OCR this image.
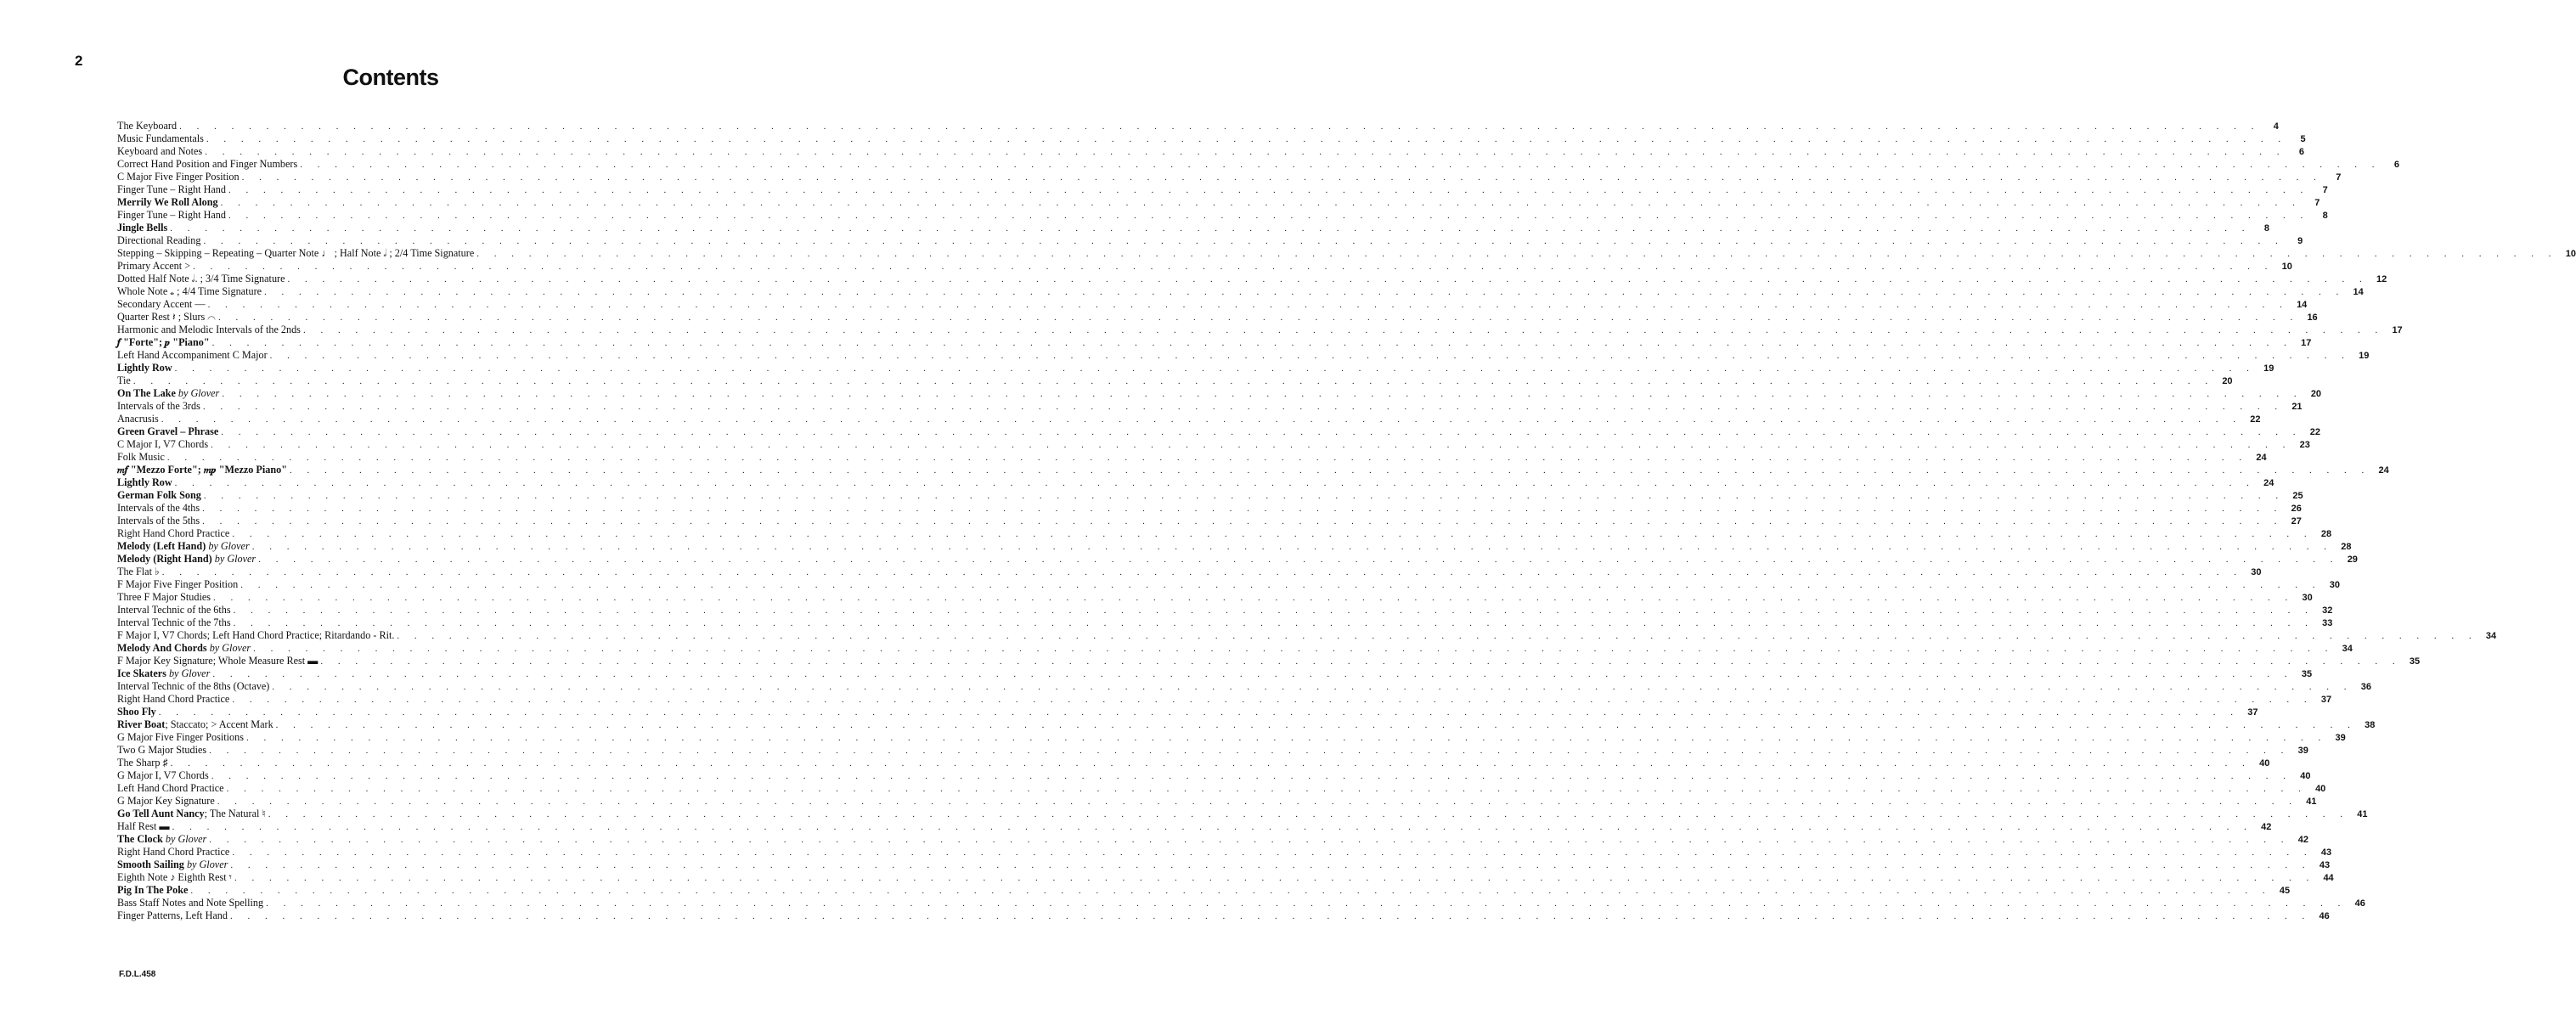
2
Contents
The Keyboard . . . . . . . . . . . . . . . . . . . . . . . . . . . . . . . . . . . . . . . . . . . . . . . . . . . . . . . . . . . . . . . . . . . . . . . . . . . . . . . . . . . . . . . . . . . . . . . . . . . . . . . . . . . . . . . . . . . . . . . .	4
Music Fundamentals . . . . . . . . . . . . . . . . . . . . . . . . . . . . . . . . . . . . . . . . . . . . . . . . . . . . . . . . . . . . . . . . . . . . . . . . . . . . . . . . . . . . . . . . . . . . . . . . . . . . . . . . . . . . . . . . . . . . . . . .	5
Keyboard and Notes . . . . . . . . . . . . . . . . . . . . . . . . . . . . . . . . . . . . . . . . . . . . . . . . . . . . . . . . . . . . . . . . . . . . . . . . . . . . . . . . . . . . . . . . . . . . . . . . . . . . . . . . . . . . . . . . . . . . . . . .	6
Correct Hand Position and Finger Numbers . . . . . . . . . . . . . . . . . . . . . . . . . . . . . . . . . . . . . . . . . . . . . . . . . . . . . . . . . . . . . . . . . . . . . . . . . . . . . . . . . . . . . . . . . . . . . . . . . . . . . . . . . . . . . . . . . . . . . . . .	6
C Major Five Finger Position . . . . . . . . . . . . . . . . . . . . . . . . . . . . . . . . . . . . . . . . . . . . . . . . . . . . . . . . . . . . . . . . . . . . . . . . . . . . . . . . . . . . . . . . . . . . . . . . . . . . . . . . . . . . . . . . . . . . . . . .	7
Finger Tune – Right Hand . . . . . . . . . . . . . . . . . . . . . . . . . . . . . . . . . . . . . . . . . . . . . . . . . . . . . . . . . . . . . . . . . . . . . . . . . . . . . . . . . . . . . . . . . . . . . . . . . . . . . . . . . . . . . . . . . . . . . . . .	7
Merrily We Roll Along . . . . . . . . . . . . . . . . . . . . . . . . . . . . . . . . . . . . . . . . . . . . . . . . . . . . . . . . . . . . . . . . . . . . . . . . . . . . . . . . . . . . . . . . . . . . . . . . . . . . . . . . . . . . . . . . . . . . . . . .	7
Finger Tune – Right Hand . . . . . . . . . . . . . . . . . . . . . . . . . . . . . . . . . . . . . . . . . . . . . . . . . . . . . . . . . . . . . . . . . . . . . . . . . . . . . . . . . . . . . . . . . . . . . . . . . . . . . . . . . . . . . . . . . . . . . . . .	8
Jingle Bells . . . . . . . . . . . . . . . . . . . . . . . . . . . . . . . . . . . . . . . . . . . . . . . . . . . . . . . . . . . . . . . . . . . . . . . . . . . . . . . . . . . . . . . . . . . . . . . . . . . . . . . . . . . . . . . . . . . . . . . .	8
Directional Reading . . . . . . . . . . . . . . . . . . . . . . . . . . . . . . . . . . . . . . . . . . . . . . . . . . . . . . . . . . . . . . . . . . . . . . . . . . . . . . . . . . . . . . . . . . . . . . . . . . . . . . . . . . . . . . . . . . . . . . . .	9
Stepping – Skipping – Repeating – Quarter Note ♩ ; Half Note 𝅗𝅥 ; 2/4 Time Signature . . . . . . . . . . . . . . . . . . . . . . . . . . . . . . . . . . . . . . . . . . . . . . . . . . . . . . . . . . . . . . . . . . . . . . . . . . . . . . . . . . . . . . . . . . . . . . . . . . . . . . . . . . . . . . . . . . . . . . . . 10
Primary Accent > . . . . . . . . . . . . . . . . . . . . . . . . . . . . . . . . . . . . . . . . . . . . . . . . . . . . . . . . . . . . . . . . . . . . . . . . . . . . . . . . . . . . . . . . . . . . . . . . . . . . . . . . . . . . . . . . . . . . . . . . 10
Dotted Half Note 𝅗𝅥. ; 3/4 Time Signature . . . . . . . . . . . . . . . . . . . . . . . . . . . . . . . . . . . . . . . . . . . . . . . . . . . . . . . . . . . . . . . . . . . . . . . . . . . . . . . . . . . . . . . . . . . . . . . . . . . . . . . . . . . . . . . . . . . . . . . . 12
Whole Note 𝅝 ; 4/4 Time Signature . . . . . . . . . . . . . . . . . . . . . . . . . . . . . . . . . . . . . . . . . . . . . . . . . . . . . . . . . . . . . . . . . . . . . . . . . . . . . . . . . . . . . . . . . . . . . . . . . . . . . . . . . . . . . . . . . . . . . . . . 14
Secondary Accent — . . . . . . . . . . . . . . . . . . . . . . . . . . . . . . . . . . . . . . . . . . . . . . . . . . . . . . . . . . . . . . . . . . . . . . . . . . . . . . . . . . . . . . . . . . . . . . . . . . . . . . . . . . . . . . . . . . . . . . . . 14
Quarter Rest 𝄽 ; Slurs ⌒ . . . . . . . . . . . . . . . . . . . . . . . . . . . . . . . . . . . . . . . . . . . . . . . . . . . . . . . . . . . . . . . . . . . . . . . . . . . . . . . . . . . . . . . . . . . . . . . . . . . . . . . . . . . . . . . . . . . . . . . . 16
Harmonic and Melodic Intervals of the 2nds . . . . . . . . . . . . . . . . . . . . . . . . . . . . . . . . . . . . . . . . . . . . . . . . . . . . . . . . . . . . . . . . . . . . . . . . . . . . . . . . . . . . . . . . . . . . . . . . . . . . . . . . . . . . . . . . . . . . . . . . 17
𝆑 "Forte"; 𝆏 "Piano" . . . . . . . . . . . . . . . . . . . . . . . . . . . . . . . . . . . . . . . . . . . . . . . . . . . . . . . . . . . . . . . . . . . . . . . . . . . . . . . . . . . . . . . . . . . . . . . . . . . . . . . . . . . . . . . . . . . . . . . . 17
Left Hand Accompaniment C Major . . . . . . . . . . . . . . . . . . . . . . . . . . . . . . . . . . . . . . . . . . . . . . . . . . . . . . . . . . . . . . . . . . . . . . . . . . . . . . . . . . . . . . . . . . . . . . . . . . . . . . . . . . . . . . . . . . . . . . . . 19
Lightly Row . . . . . . . . . . . . . . . . . . . . . . . . . . . . . . . . . . . . . . . . . . . . . . . . . . . . . . . . . . . . . . . . . . . . . . . . . . . . . . . . . . . . . . . . . . . . . . . . . . . . . . . . . . . . . . . . . . . . . . . . 19
Tie . . . . . . . . . . . . . . . . . . . . . . . . . . . . . . . . . . . . . . . . . . . . . . . . . . . . . . . . . . . . . . . . . . . . . . . . . . . . . . . . . . . . . . . . . . . . . . . . . . . . . . . . . . . . . . . . . . . . . . . . 20
On The Lake by Glover . . . . . . . . . . . . . . . . . . . . . . . . . . . . . . . . . . . . . . . . . . . . . . . . . . . . . . . . . . . . . . . . . . . . . . . . . . . . . . . . . . . . . . . . . . . . . . . . . . . . . . . . . . . . . . . . . . . . . . . . 20
Intervals of the 3rds . . . . . . . . . . . . . . . . . . . . . . . . . . . . . . . . . . . . . . . . . . . . . . . . . . . . . . . . . . . . . . . . . . . . . . . . . . . . . . . . . . . . . . . . . . . . . . . . . . . . . . . . . . . . . . . . . . . . . . . . 21
Anacrusis . . . . . . . . . . . . . . . . . . . . . . . . . . . . . . . . . . . . . . . . . . . . . . . . . . . . . . . . . . . . . . . . . . . . . . . . . . . . . . . . . . . . . . . . . . . . . . . . . . . . . . . . . . . . . . . . . . . . . . . . 22
Green Gravel – Phrase . . . . . . . . . . . . . . . . . . . . . . . . . . . . . . . . . . . . . . . . . . . . . . . . . . . . . . . . . . . . . . . . . . . . . . . . . . . . . . . . . . . . . . . . . . . . . . . . . . . . . . . . . . . . . . . . . . . . . . . . 22
C Major I, V7 Chords . . . . . . . . . . . . . . . . . . . . . . . . . . . . . . . . . . . . . . . . . . . . . . . . . . . . . . . . . . . . . . . . . . . . . . . . . . . . . . . . . . . . . . . . . . . . . . . . . . . . . . . . . . . . . . . . . . . . . . . . 23
Folk Music . . . . . . . . . . . . . . . . . . . . . . . . . . . . . . . . . . . . . . . . . . . . . . . . . . . . . . . . . . . . . . . . . . . . . . . . . . . . . . . . . . . . . . . . . . . . . . . . . . . . . . . . . . . . . . . . . . . . . . . . 24
𝆐𝆑 "Mezzo Forte"; 𝆐𝆏 "Mezzo Piano" . . . . . . . . . . . . . . . . . . . . . . . . . . . . . . . . . . . . . . . . . . . . . . . . . . . . . . . . . . . . . . . . . . . . . . . . . . . . . . . . . . . . . . . . . . . . . . . . . . . . . . . . . . . . . . . . . . . . . . . . 24
Lightly Row . . . . . . . . . . . . . . . . . . . . . . . . . . . . . . . . . . . . . . . . . . . . . . . . . . . . . . . . . . . . . . . . . . . . . . . . . . . . . . . . . . . . . . . . . . . . . . . . . . . . . . . . . . . . . . . . . . . . . . . . 24
German Folk Song . . . . . . . . . . . . . . . . . . . . . . . . . . . . . . . . . . . . . . . . . . . . . . . . . . . . . . . . . . . . . . . . . . . . . . . . . . . . . . . . . . . . . . . . . . . . . . . . . . . . . . . . . . . . . . . . . . . . . . . . 25
Intervals of the 4ths . . . . . . . . . . . . . . . . . . . . . . . . . . . . . . . . . . . . . . . . . . . . . . . . . . . . . . . . . . . . . . . . . . . . . . . . . . . . . . . . . . . . . . . . . . . . . . . . . . . . . . . . . . . . . . . . . . . . . . . . 26
Intervals of the 5ths . . . . . . . . . . . . . . . . . . . . . . . . . . . . . . . . . . . . . . . . . . . . . . . . . . . . . . . . . . . . . . . . . . . . . . . . . . . . . . . . . . . . . . . . . . . . . . . . . . . . . . . . . . . . . . . . . . . . . . . . 27
Right Hand Chord Practice . . . . . . . . . . . . . . . . . . . . . . . . . . . . . . . . . . . . . . . . . . . . . . . . . . . . . . . . . . . . . . . . . . . . . . . . . . . . . . . . . . . . . . . . . . . . . . . . . . . . . . . . . . . . . . . . . . . . . . . . 28
Melody (Left Hand) by Glover . . . . . . . . . . . . . . . . . . . . . . . . . . . . . . . . . . . . . . . . . . . . . . . . . . . . . . . . . . . . . . . . . . . . . . . . . . . . . . . . . . . . . . . . . . . . . . . . . . . . . . . . . . . . . . . . . . . . . . . . 28
Melody (Right Hand) by Glover . . . . . . . . . . . . . . . . . . . . . . . . . . . . . . . . . . . . . . . . . . . . . . . . . . . . . . . . . . . . . . . . . . . . . . . . . . . . . . . . . . . . . . . . . . . . . . . . . . . . . . . . . . . . . . . . . . . . . . . . 29
The Flat ♭ . . . . . . . . . . . . . . . . . . . . . . . . . . . . . . . . . . . . . . . . . . . . . . . . . . . . . . . . . . . . . . . . . . . . . . . . . . . . . . . . . . . . . . . . . . . . . . . . . . . . . . . . . . . . . . . . . . . . . . . . 30
F Major Five Finger Position . . . . . . . . . . . . . . . . . . . . . . . . . . . . . . . . . . . . . . . . . . . . . . . . . . . . . . . . . . . . . . . . . . . . . . . . . . . . . . . . . . . . . . . . . . . . . . . . . . . . . . . . . . . . . . . . . . . . . . . . 30
Three F Major Studies . . . . . . . . . . . . . . . . . . . . . . . . . . . . . . . . . . . . . . . . . . . . . . . . . . . . . . . . . . . . . . . . . . . . . . . . . . . . . . . . . . . . . . . . . . . . . . . . . . . . . . . . . . . . . . . . . . . . . . . . 30
Interval Technic of the 6ths . . . . . . . . . . . . . . . . . . . . . . . . . . . . . . . . . . . . . . . . . . . . . . . . . . . . . . . . . . . . . . . . . . . . . . . . . . . . . . . . . . . . . . . . . . . . . . . . . . . . . . . . . . . . . . . . . . . . . . . . 32
Interval Technic of the 7ths . . . . . . . . . . . . . . . . . . . . . . . . . . . . . . . . . . . . . . . . . . . . . . . . . . . . . . . . . . . . . . . . . . . . . . . . . . . . . . . . . . . . . . . . . . . . . . . . . . . . . . . . . . . . . . . . . . . . . . . . 33
F Major I, V7 Chords; Left Hand Chord Practice; Ritardando - Rit. . . . . . . . . . . . . . . . . . . . . . . . . . . . . . . . . . . . . . . . . . . . . . . . . . . . . . . . . . . . . . . . . . . . . . . . . . . . . . . . . . . . . . . . . . . . . . . . . . . . . . . . . . . . . . . . . . . . . . . . . 34
Melody And Chords by Glover . . . . . . . . . . . . . . . . . . . . . . . . . . . . . . . . . . . . . . . . . . . . . . . . . . . . . . . . . . . . . . . . . . . . . . . . . . . . . . . . . . . . . . . . . . . . . . . . . . . . . . . . . . . . . . . . . . . . . . . . 34
F Major Key Signature; Whole Measure Rest ▬ . . . . . . . . . . . . . . . . . . . . . . . . . . . . . . . . . . . . . . . . . . . . . . . . . . . . . . . . . . . . . . . . . . . . . . . . . . . . . . . . . . . . . . . . . . . . . . . . . . . . . . . . . . . . . . . . . . . . . . . . 35
Ice Skaters by Glover . . . . . . . . . . . . . . . . . . . . . . . . . . . . . . . . . . . . . . . . . . . . . . . . . . . . . . . . . . . . . . . . . . . . . . . . . . . . . . . . . . . . . . . . . . . . . . . . . . . . . . . . . . . . . . . . . . . . . . . . 35
Interval Technic of the 8ths (Octave) . . . . . . . . . . . . . . . . . . . . . . . . . . . . . . . . . . . . . . . . . . . . . . . . . . . . . . . . . . . . . . . . . . . . . . . . . . . . . . . . . . . . . . . . . . . . . . . . . . . . . . . . . . . . . . . . . . . . . . . . 36
Right Hand Chord Practice . . . . . . . . . . . . . . . . . . . . . . . . . . . . . . . . . . . . . . . . . . . . . . . . . . . . . . . . . . . . . . . . . . . . . . . . . . . . . . . . . . . . . . . . . . . . . . . . . . . . . . . . . . . . . . . . . . . . . . . . 37
Shoo Fly . . . . . . . . . . . . . . . . . . . . . . . . . . . . . . . . . . . . . . . . . . . . . . . . . . . . . . . . . . . . . . . . . . . . . . . . . . . . . . . . . . . . . . . . . . . . . . . . . . . . . . . . . . . . . . . . . . . . . . . . 37
River Boat; Staccato; > Accent Mark . . . . . . . . . . . . . . . . . . . . . . . . . . . . . . . . . . . . . . . . . . . . . . . . . . . . . . . . . . . . . . . . . . . . . . . . . . . . . . . . . . . . . . . . . . . . . . . . . . . . . . . . . . . . . . . . . . . . . . . . 38
G Major Five Finger Positions . . . . . . . . . . . . . . . . . . . . . . . . . . . . . . . . . . . . . . . . . . . . . . . . . . . . . . . . . . . . . . . . . . . . . . . . . . . . . . . . . . . . . . . . . . . . . . . . . . . . . . . . . . . . . . . . . . . . . . . . 39
Two G Major Studies . . . . . . . . . . . . . . . . . . . . . . . . . . . . . . . . . . . . . . . . . . . . . . . . . . . . . . . . . . . . . . . . . . . . . . . . . . . . . . . . . . . . . . . . . . . . . . . . . . . . . . . . . . . . . . . . . . . . . . . . 39
The Sharp ♯ . . . . . . . . . . . . . . . . . . . . . . . . . . . . . . . . . . . . . . . . . . . . . . . . . . . . . . . . . . . . . . . . . . . . . . . . . . . . . . . . . . . . . . . . . . . . . . . . . . . . . . . . . . . . . . . . . . . . . . . . 40
G Major I, V7 Chords . . . . . . . . . . . . . . . . . . . . . . . . . . . . . . . . . . . . . . . . . . . . . . . . . . . . . . . . . . . . . . . . . . . . . . . . . . . . . . . . . . . . . . . . . . . . . . . . . . . . . . . . . . . . . . . . . . . . . . . . 40
Left Hand Chord Practice . . . . . . . . . . . . . . . . . . . . . . . . . . . . . . . . . . . . . . . . . . . . . . . . . . . . . . . . . . . . . . . . . . . . . . . . . . . . . . . . . . . . . . . . . . . . . . . . . . . . . . . . . . . . . . . . . . . . . . . . 40
G Major Key Signature . . . . . . . . . . . . . . . . . . . . . . . . . . . . . . . . . . . . . . . . . . . . . . . . . . . . . . . . . . . . . . . . . . . . . . . . . . . . . . . . . . . . . . . . . . . . . . . . . . . . . . . . . . . . . . . . . . . . . . . . 41
Go Tell Aunt Nancy; The Natural ♮ . . . . . . . . . . . . . . . . . . . . . . . . . . . . . . . . . . . . . . . . . . . . . . . . . . . . . . . . . . . . . . . . . . . . . . . . . . . . . . . . . . . . . . . . . . . . . . . . . . . . . . . . . . . . . . . . . . . . . . . . 41
Half Rest ▬ . . . . . . . . . . . . . . . . . . . . . . . . . . . . . . . . . . . . . . . . . . . . . . . . . . . . . . . . . . . . . . . . . . . . . . . . . . . . . . . . . . . . . . . . . . . . . . . . . . . . . . . . . . . . . . . . . . . . . . . . 42
The Clock by Glover . . . . . . . . . . . . . . . . . . . . . . . . . . . . . . . . . . . . . . . . . . . . . . . . . . . . . . . . . . . . . . . . . . . . . . . . . . . . . . . . . . . . . . . . . . . . . . . . . . . . . . . . . . . . . . . . . . . . . . . . 42
Right Hand Chord Practice . . . . . . . . . . . . . . . . . . . . . . . . . . . . . . . . . . . . . . . . . . . . . . . . . . . . . . . . . . . . . . . . . . . . . . . . . . . . . . . . . . . . . . . . . . . . . . . . . . . . . . . . . . . . . . . . . . . . . . . . 43
Smooth Sailing by Glover . . . . . . . . . . . . . . . . . . . . . . . . . . . . . . . . . . . . . . . . . . . . . . . . . . . . . . . . . . . . . . . . . . . . . . . . . . . . . . . . . . . . . . . . . . . . . . . . . . . . . . . . . . . . . . . . . . . . . . . . 43
Eighth Note ♪ Eighth Rest 𝄾 . . . . . . . . . . . . . . . . . . . . . . . . . . . . . . . . . . . . . . . . . . . . . . . . . . . . . . . . . . . . . . . . . . . . . . . . . . . . . . . . . . . . . . . . . . . . . . . . . . . . . . . . . . . . . . . . . . . . . . . . 44
Pig In The Poke . . . . . . . . . . . . . . . . . . . . . . . . . . . . . . . . . . . . . . . . . . . . . . . . . . . . . . . . . . . . . . . . . . . . . . . . . . . . . . . . . . . . . . . . . . . . . . . . . . . . . . . . . . . . . . . . . . . . . . . . 45
Bass Staff Notes and Note Spelling . . . . . . . . . . . . . . . . . . . . . . . . . . . . . . . . . . . . . . . . . . . . . . . . . . . . . . . . . . . . . . . . . . . . . . . . . . . . . . . . . . . . . . . . . . . . . . . . . . . . . . . . . . . . . . . . . . . . . . . . 46
Finger Patterns, Left Hand . . . . . . . . . . . . . . . . . . . . . . . . . . . . . . . . . . . . . . . . . . . . . . . . . . . . . . . . . . . . . . . . . . . . . . . . . . . . . . . . . . . . . . . . . . . . . . . . . . . . . . . . . . . . . . . . . . . . . . . . 46
F.D.L.458
